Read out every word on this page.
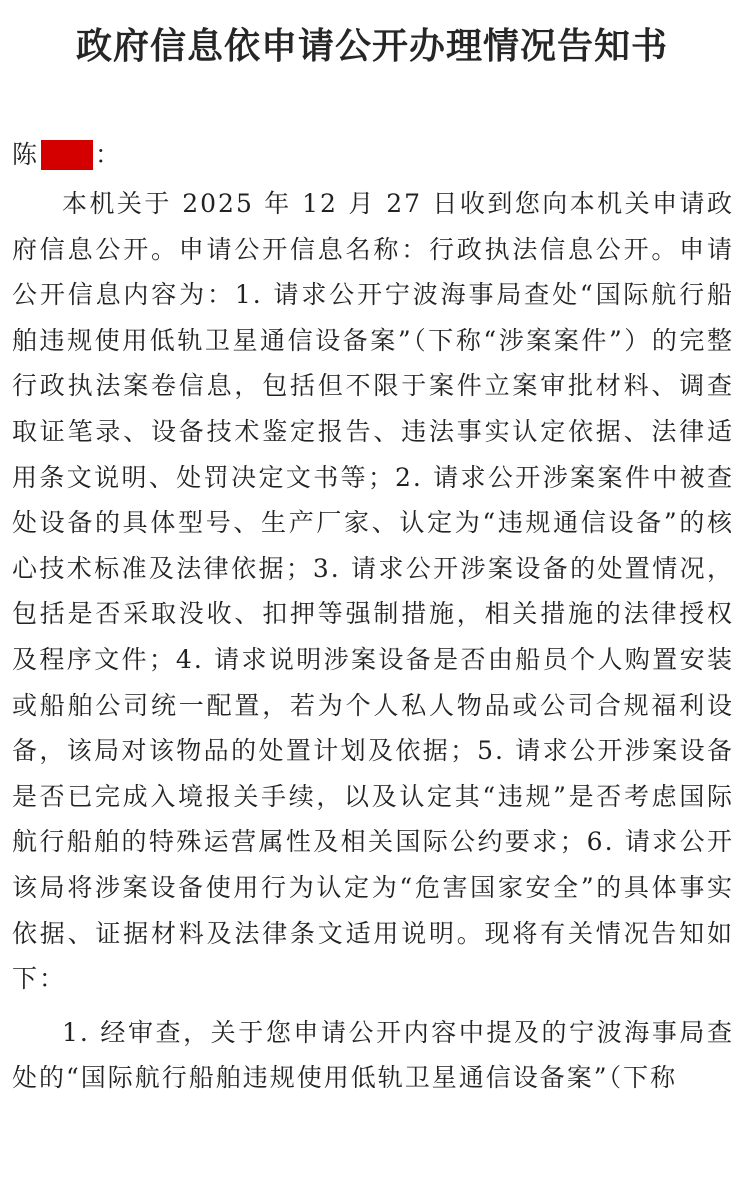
政府信息依申请公开办理情况告知书
陈 ：

本机关于 2025 年 12 月 27 日收到您向本机关申请政府信息公开。申请公开信息名称：行政执法信息公开。申请公开信息内容为：1. 请求公开宁波海事局查处“国际航行船舶违规使用低轨卫星通信设备案”（下称“涉案案件”）的完整行政执法案卷信息，包括但不限于案件立案审批材料、调查取证笔录、设备技术鉴定报告、违法事实认定依据、法律适用条文说明、处罚决定文书等；2. 请求公开涉案案件中被查处设备的具体型号、生产厂家、认定为“违规通信设备”的核心技术标准及法律依据；3. 请求公开涉案设备的处置情况，包括是否采取没收、扣押等强制措施，相关措施的法律授权及程序文件；4. 请求说明涉案设备是否由船员个人购置安装或船舶公司统一配置，若为个人私人物品或公司合规福利设备，该局对该物品的处置计划及依据；5. 请求公开涉案设备是否已完成入境报关手续，以及认定其“违规”是否考虑国际航行船舶的特殊运营属性及相关国际公约要求；6. 请求公开该局将涉案设备使用行为认定为“危害国家安全”的具体事实依据、证据材料及法律条文适用说明。现将有关情况告知如下：

1. 经审查，关于您申请公开内容中提及的宁波海事局查处的“国际航行船舶违规使用低轨卫星通信设备案”（下称
